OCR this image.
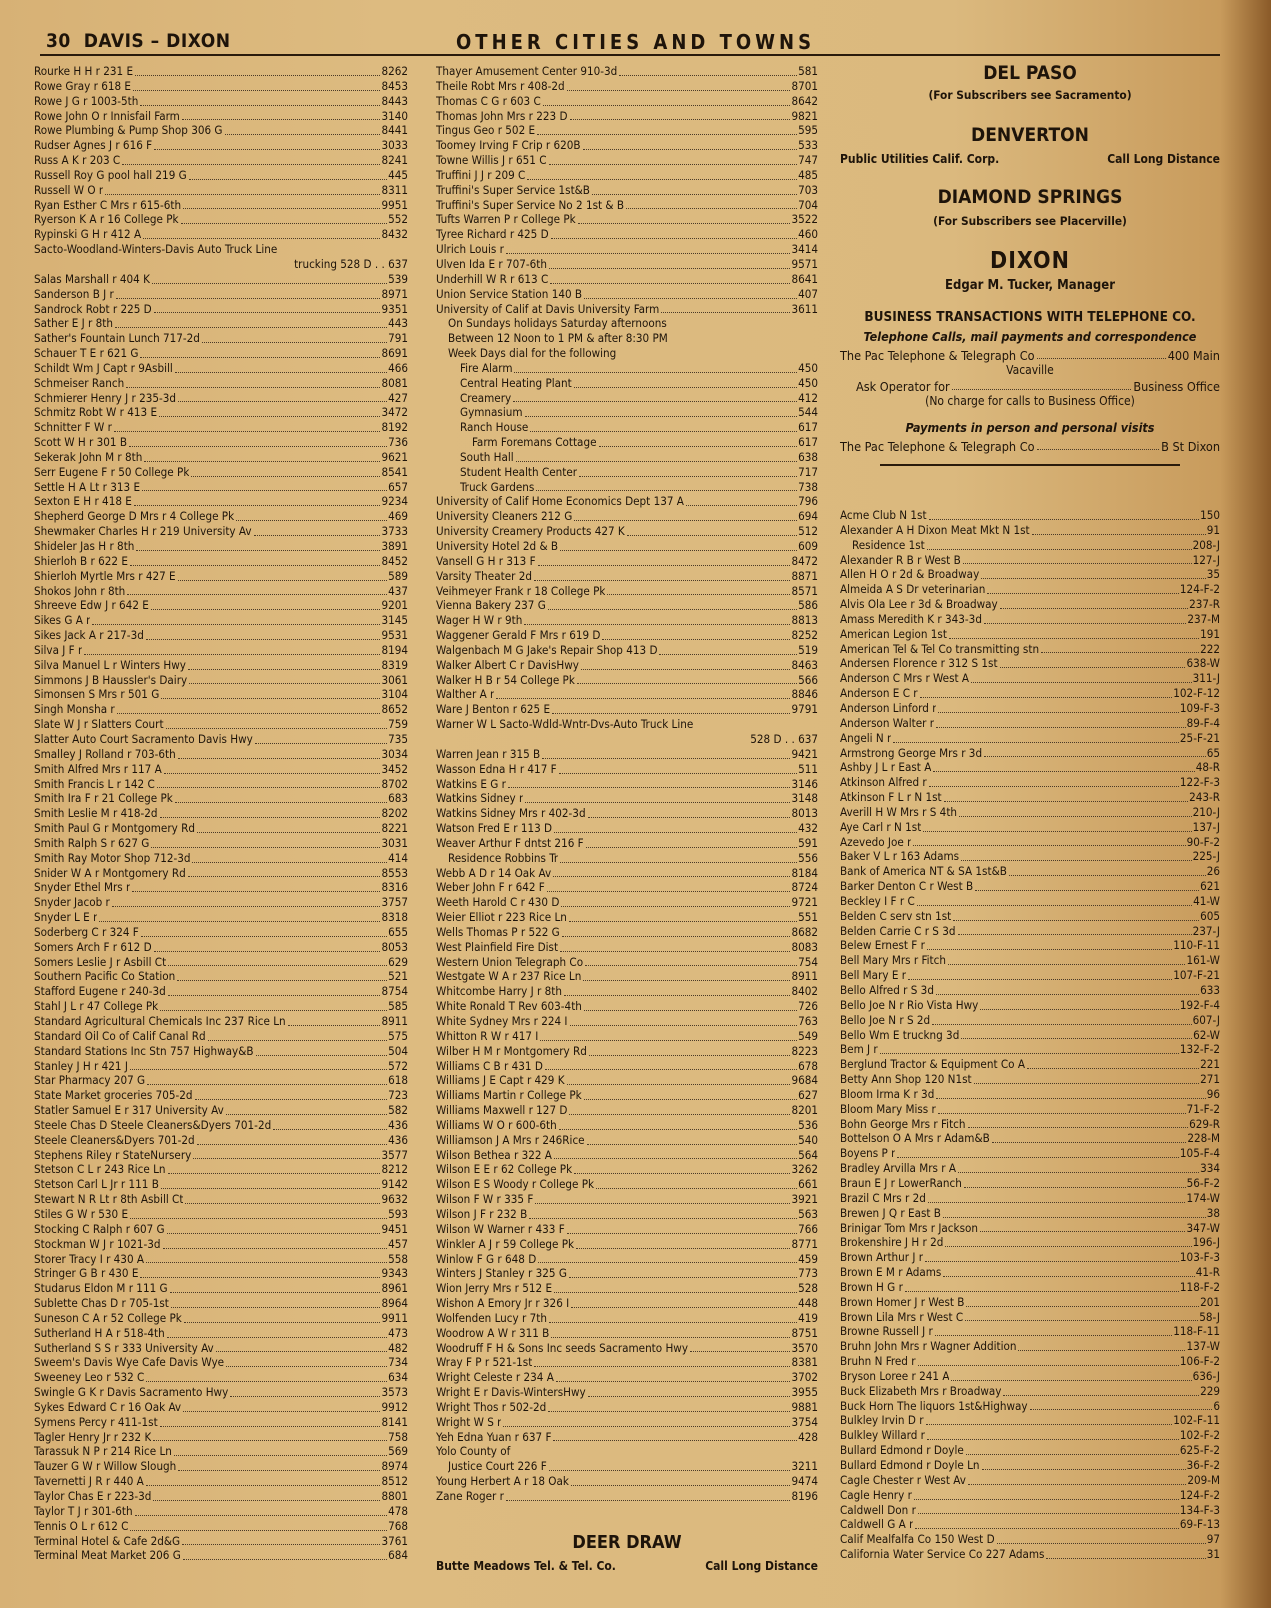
30 DAVIS – DIXON	OTHER CITIES AND TOWNS
Rourke H H r 231 E	8262
Rowe Gray r 618 E	8453
Rowe J G r 1003-5th	8443
Rowe John O r Innisfail Farm	3140
Rowe Plumbing & Pump Shop 306 G	8441
Rudser Agnes J r 616 F	3033
Russ A K r 203 C	8241
Russell Roy G pool hall 219 G	445
Russell W O r	8311
Ryan Esther C Mrs r 615-6th	9951
Ryerson K A r 16 College Pk	552
Rypinski G H r 412 A	8432
Sacto-Woodland-Winters-Davis Auto Truck Line
trucking 528 D . . 637
Salas Marshall r 404 K	539
Sanderson B J r	8971
Sandrock Robt r 225 D	9351
Sather E J r 8th	443
Sather's Fountain Lunch 717-2d	791
Schauer T E r 621 G	8691
Schildt Wm J Capt r 9Asbill	466
Schmeiser Ranch	8081
Schmierer Henry J r 235-3d	427
Schmitz Robt W r 413 E	3472
Schnitter F W r	8192
Scott W H r 301 B	736
Sekerak John M r 8th	9621
Serr Eugene F r 50 College Pk	8541
Settle H A Lt r 313 E	657
Sexton E H r 418 E	9234
Shepherd George D Mrs r 4 College Pk	469
Shewmaker Charles H r 219 University Av	3733
Shideler Jas H r 8th	3891
Shierloh B r 622 E	8452
Shierloh Myrtle Mrs r 427 E	589
Shokos John r 8th	437
Shreeve Edw J r 642 E	9201
Sikes G A r	3145
Sikes Jack A r 217-3d	9531
Silva J F r	8194
Silva Manuel L r Winters Hwy	8319
Simmons J B Haussler's Dairy	3061
Simonsen S Mrs r 501 G	3104
Singh Monsha r	8652
Slate W J r Slatters Court	759
Slatter Auto Court Sacramento Davis Hwy	735
Smalley J Rolland r 703-6th	3034
Smith Alfred Mrs r 117 A	3452
Smith Francis L r 142 C	8702
Smith Ira F r 21 College Pk	683
Smith Leslie M r 418-2d	8202
Smith Paul G r Montgomery Rd	8221
Smith Ralph S r 627 G	3031
Smith Ray Motor Shop 712-3d	414
Snider W A r Montgomery Rd	8553
Snyder Ethel Mrs r	8316
Snyder Jacob r	3757
Snyder L E r	8318
Soderberg C r 324 F	655
Somers Arch F r 612 D	8053
Somers Leslie J r Asbill Ct	629
Southern Pacific Co Station	521
Stafford Eugene r 240-3d	8754
Stahl J L r 47 College Pk	585
Standard Agricultural Chemicals Inc 237 Rice Ln	8911
Standard Oil Co of Calif Canal Rd	575
Standard Stations Inc Stn 757 Highway&B	504
Stanley J H r 421 J	572
Star Pharmacy 207 G	618
State Market groceries 705-2d	723
Statler Samuel E r 317 University Av	582
Steele Chas D Steele Cleaners&Dyers 701-2d	436
Steele Cleaners&Dyers 701-2d	436
Stephens Riley r StateNursery	3577
Stetson C L r 243 Rice Ln	8212
Stetson Carl L Jr r 111 B	9142
Stewart N R Lt r 8th Asbill Ct	9632
Stiles G W r 530 E	593
Stocking C Ralph r 607 G	9451
Stockman W J r 1021-3d	457
Storer Tracy I r 430 A	558
Stringer G B r 430 E	9343
Studarus Eldon M r 111 G	8961
Sublette Chas D r 705-1st	8964
Suneson C A r 52 College Pk	9911
Sutherland H A r 518-4th	473
Sutherland S S r 333 University Av	482
Sweem's Davis Wye Cafe Davis Wye	734
Sweeney Leo r 532 C	634
Swingle G K r Davis Sacramento Hwy	3573
Sykes Edward C r 16 Oak Av	9912
Symens Percy r 411-1st	8141
Tagler Henry Jr r 232 K	758
Tarassuk N P r 214 Rice Ln	569
Tauzer G W r Willow Slough	8974
Tavernetti J R r 440 A	8512
Taylor Chas E r 223-3d	8801
Taylor T J r 301-6th	478
Tennis O L r 612 C	768
Terminal Hotel & Cafe 2d&G	3761
Terminal Meat Market 206 G	684
Thayer Amusement Center 910-3d	581
Theile Robt Mrs r 408-2d	8701
Thomas C G r 603 C	8642
Thomas John Mrs r 223 D	9821
Tingus Geo r 502 E	595
Toomey Irving F Crip r 620B	533
Towne Willis J r 651 C	747
Truffini J J r 209 C	485
Truffini's Super Service 1st&B	703
Truffini's Super Service No 2 1st & B	704
Tufts Warren P r College Pk	3522
Tyree Richard r 425 D	460
Ulrich Louis r	3414
Ulven Ida E r 707-6th	9571
Underhill W R r 613 C	8641
Union Service Station 140 B	407
University of Calif at Davis University Farm	3611
On Sundays holidays Saturday afternoons
Between 12 Noon to 1 PM & after 8:30 PM
Week Days dial for the following
Fire Alarm	450
Central Heating Plant	450
Creamery	412
Gymnasium	544
Ranch House	617
Farm Foremans Cottage	617
South Hall	638
Student Health Center	717
Truck Gardens	738
University of Calif Home Economics Dept 137 A	796
University Cleaners 212 G	694
University Creamery Products 427 K	512
University Hotel 2d & B	609
Vansell G H r 313 F	8472
Varsity Theater 2d	8871
Veihmeyer Frank r 18 College Pk	8571
Vienna Bakery 237 G	586
Wager H W r 9th	8813
Waggener Gerald F Mrs r 619 D	8252
Walgenbach M G Jake's Repair Shop 413 D	519
Walker Albert C r DavisHwy	8463
Walker H B r 54 College Pk	566
Walther A r	8846
Ware J Benton r 625 E	9791
Warner W L Sacto-Wdld-Wntr-Dvs-Auto Truck Line
528 D . . 637
Warren Jean r 315 B	9421
Wasson Edna H r 417 F	511
Watkins E G r	3146
Watkins Sidney r	3148
Watkins Sidney Mrs r 402-3d	8013
Watson Fred E r 113 D	432
Weaver Arthur F dntst 216 F	591
Residence Robbins Tr	556
Webb A D r 14 Oak Av	8184
Weber John F r 642 F	8724
Weeth Harold C r 430 D	9721
Weier Elliot r 223 Rice Ln	551
Wells Thomas P r 522 G	8682
West Plainfield Fire Dist	8083
Western Union Telegraph Co	754
Westgate W A r 237 Rice Ln	8911
Whitcombe Harry J r 8th	8402
White Ronald T Rev 603-4th	726
White Sydney Mrs r 224 I	763
Whitton R W r 417 I	549
Wilber H M r Montgomery Rd	8223
Williams C B r 431 D	678
Williams J E Capt r 429 K	9684
Williams Martin r College Pk	627
Williams Maxwell r 127 D	8201
Williams W O r 600-6th	536
Williamson J A Mrs r 246Rice	540
Wilson Bethea r 322 A	564
Wilson E E r 62 College Pk	3262
Wilson E S Woody r College Pk	661
Wilson F W r 335 F	3921
Wilson J F r 232 B	563
Wilson W Warner r 433 F	766
Winkler A J r 59 College Pk	8771
Winlow F G r 648 D	459
Winters J Stanley r 325 G	773
Wion Jerry Mrs r 512 E	528
Wishon A Emory Jr r 326 I	448
Wolfenden Lucy r 7th	419
Woodrow A W r 311 B	8751
Woodruff F H & Sons Inc seeds Sacramento Hwy	3570
Wray F P r 521-1st	8381
Wright Celeste r 234 A	3702
Wright E r Davis-WintersHwy	3955
Wright Thos r 502-2d	9881
Wright W S r	3754
Yeh Edna Yuan r 637 F	428
Yolo County of
Justice Court 226 F	3211
Young Herbert A r 18 Oak	9474
Zane Roger r	8196
DEER DRAW
Butte Meadows Tel. & Tel. Co.	Call Long Distance
DEL PASO
(For Subscribers see Sacramento)
DENVERTON
Public Utilities Calif. Corp.	Call Long Distance
DIAMOND SPRINGS
(For Subscribers see Placerville)
DIXON
Edgar M. Tucker, Manager
BUSINESS TRANSACTIONS WITH TELEPHONE CO.
Telephone Calls, mail payments and correspondence
The Pac Telephone & Telegraph Co	400 Main
Vacaville
Ask Operator for	Business Office
(No charge for calls to Business Office)
Payments in person and personal visits
The Pac Telephone & Telegraph Co	B St Dixon
Acme Club N 1st	150
Alexander A H Dixon Meat Mkt N 1st	91
Residence 1st	208-J
Alexander R B r West B	127-J
Allen H O r 2d & Broadway	35
Almeida A S Dr veterinarian	124-F-2
Alvis Ola Lee r 3d & Broadway	237-R
Amass Meredith K r 343-3d	237-M
American Legion 1st	191
American Tel & Tel Co transmitting stn	222
Andersen Florence r 312 S 1st	638-W
Anderson C Mrs r West A	311-J
Anderson E C r	102-F-12
Anderson Linford r	109-F-3
Anderson Walter r	89-F-4
Angeli N r	25-F-21
Armstrong George Mrs r 3d	65
Ashby J L r East A	48-R
Atkinson Alfred r	122-F-3
Atkinson F L r N 1st	243-R
Averill H W Mrs r S 4th	210-J
Aye Carl r N 1st	137-J
Azevedo Joe r	90-F-2
Baker V L r 163 Adams	225-J
Bank of America NT & SA 1st&B	26
Barker Denton C r West B	621
Beckley I F r C	41-W
Belden C serv stn 1st	605
Belden Carrie C r S 3d	237-J
Belew Ernest F r	110-F-11
Bell Mary Mrs r Fitch	161-W
Bell Mary E r	107-F-21
Bello Alfred r S 3d	633
Bello Joe N r Rio Vista Hwy	192-F-4
Bello Joe N r S 2d	607-J
Bello Wm E truckng 3d	62-W
Bem J r	132-F-2
Berglund Tractor & Equipment Co A	221
Betty Ann Shop 120 N1st	271
Bloom Irma K r 3d	96
Bloom Mary Miss r	71-F-2
Bohn George Mrs r Fitch	629-R
Bottelson O A Mrs r Adam&B	228-M
Boyens P r	105-F-4
Bradley Arvilla Mrs r A	334
Braun E J r LowerRanch	56-F-2
Brazil C Mrs r 2d	174-W
Brewen J Q r East B	38
Brinigar Tom Mrs r Jackson	347-W
Brokenshire J H r 2d	196-J
Brown Arthur J r	103-F-3
Brown E M r Adams	41-R
Brown H G r	118-F-2
Brown Homer J r West B	201
Brown Lila Mrs r West C	58-J
Browne Russell J r	118-F-11
Bruhn John Mrs r Wagner Addition	137-W
Bruhn N Fred r	106-F-2
Bryson Loree r 241 A	636-J
Buck Elizabeth Mrs r Broadway	229
Buck Horn The liquors 1st&Highway	6
Bulkley Irvin D r	102-F-11
Bulkley Willard r	102-F-2
Bullard Edmond r Doyle	625-F-2
Bullard Edmond r Doyle Ln	36-F-2
Cagle Chester r West Av	209-M
Cagle Henry r	124-F-2
Caldwell Don r	134-F-3
Caldwell G A r	69-F-13
Calif Mealfalfa Co 150 West D	97
California Water Service Co 227 Adams	31
